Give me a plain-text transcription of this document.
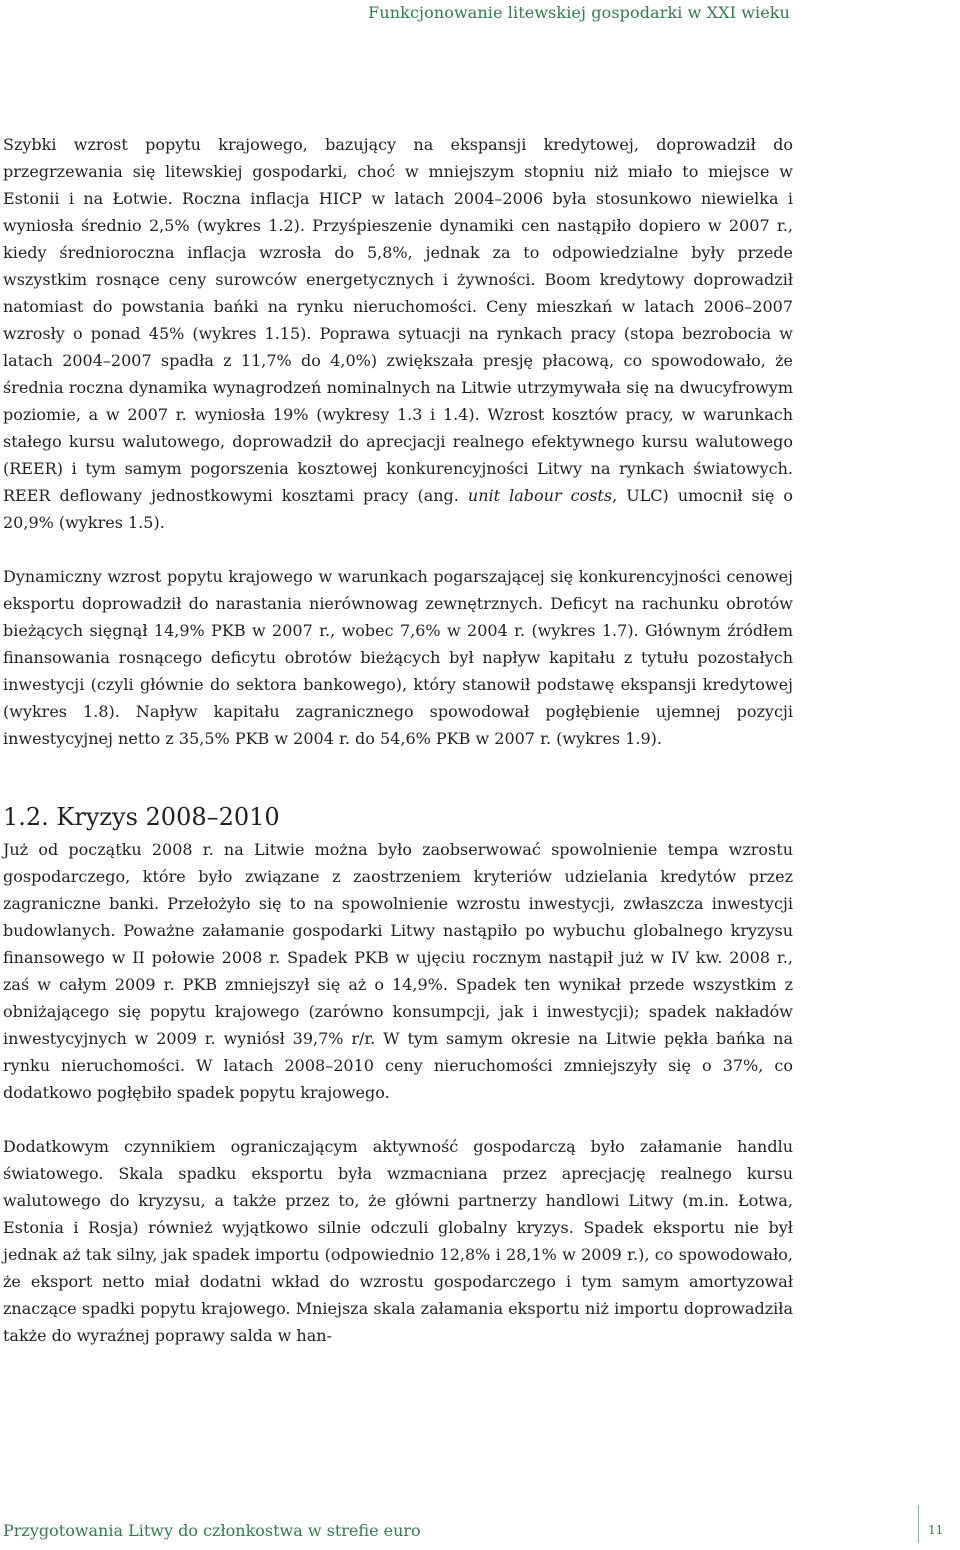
Funkcjonowanie litewskiej gospodarki w XXI wieku

Szybki wzrost popytu krajowego, bazujący na ekspansji kredytowej, doprowadził do przegrzewania się litewskiej gospodarki, choć w mniejszym stopniu niż miało to miejsce w Estonii i na Łotwie. Roczna inflacja HICP w latach 2004–2006 była stosunkowo niewielka i wyniosła średnio 2,5% (wykres 1.2). Przyśpieszenie dynamiki cen nastąpiło dopiero w 2007 r., kiedy średnioroczna inflacja wzrosła do 5,8%, jednak za to odpowiedzialne były przede wszystkim rosnące ceny surowców energetycznych i żywności. Boom kredytowy doprowadził natomiast do powstania bańki na rynku nieruchomości. Ceny mieszkań w latach 2006–2007 wzrosły o ponad 45% (wykres 1.15). Poprawa sytuacji na rynkach pracy (stopa bezrobocia w latach 2004–2007 spadła z 11,7% do 4,0%) zwiększała presję płacową, co spowodowało, że średnia roczna dynamika wynagrodzeń nominalnych na Litwie utrzymywała się na dwucyfrowym poziomie, a w 2007 r. wyniosła 19% (wykresy 1.3 i 1.4). Wzrost kosztów pracy, w warunkach stałego kursu walutowego, doprowadził do aprecjacji realnego efektywnego kursu walutowego (REER) i tym samym pogorszenia kosztowej konkurencyjności Litwy na rynkach światowych. REER deflowany jednostkowymi kosztami pracy (ang. unit labour costs, ULC) umocnił się o 20,9% (wykres 1.5).

Dynamiczny wzrost popytu krajowego w warunkach pogarszającej się konkurencyjności cenowej eksportu doprowadził do narastania nierównowag zewnętrznych. Deficyt na rachunku obrotów bieżących sięgnął 14,9% PKB w 2007 r., wobec 7,6% w 2004 r. (wykres 1.7). Głównym źródłem finansowania rosnącego deficytu obrotów bieżących był napływ kapitału z tytułu pozostałych inwestycji (czyli głównie do sektora bankowego), który stanowił podstawę ekspansji kredytowej (wykres 1.8). Napływ kapitału zagranicznego spowodował pogłębienie ujemnej pozycji inwestycyjnej netto z 35,5% PKB w 2004 r. do 54,6% PKB w 2007 r. (wykres 1.9).

1.2. Kryzys 2008–2010

Już od początku 2008 r. na Litwie można było zaobserwować spowolnienie tempa wzrostu gospodarczego, które było związane z zaostrzeniem kryteriów udzielania kredytów przez zagraniczne banki. Przełożyło się to na spowolnienie wzrostu inwestycji, zwłaszcza inwestycji budowlanych. Poważne załamanie gospodarki Litwy nastąpiło po wybuchu globalnego kryzysu finansowego w II połowie 2008 r. Spadek PKB w ujęciu rocznym nastąpił już w IV kw. 2008 r., zaś w całym 2009 r. PKB zmniejszył się aż o 14,9%. Spadek ten wynikał przede wszystkim z obniżającego się popytu krajowego (zarówno konsumpcji, jak i inwestycji); spadek nakładów inwestycyjnych w 2009 r. wyniósł 39,7% r/r. W tym samym okresie na Litwie pękła bańka na rynku nieruchomości. W latach 2008–2010 ceny nieruchomości zmniejszyły się o 37%, co dodatkowo pogłębiło spadek popytu krajowego.

Dodatkowym czynnikiem ograniczającym aktywność gospodarczą było załamanie handlu światowego. Skala spadku eksportu była wzmacniana przez aprecjację realnego kursu walutowego do kryzysu, a także przez to, że główni partnerzy handlowi Litwy (m.in. Łotwa, Estonia i Rosja) również wyjątkowo silnie odczuli globalny kryzys. Spadek eksportu nie był jednak aż tak silny, jak spadek importu (odpowiednio 12,8% i 28,1% w 2009 r.), co spowodowało, że eksport netto miał dodatni wkład do wzrostu gospodarczego i tym samym amortyzował znaczące spadki popytu krajowego. Mniejsza skala załamania eksportu niż importu doprowadziła także do wyraźnej poprawy salda w han-

Przygotowania Litwy do członkostwa w strefie euro	11
